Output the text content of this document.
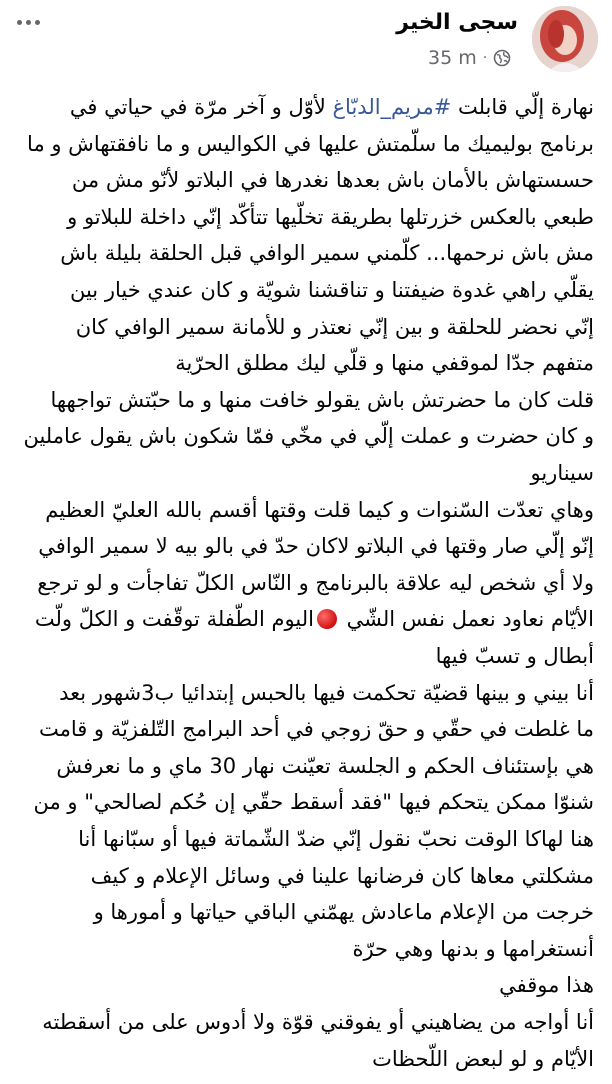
سجى الخير
35 m ·
نهارة إلّي قابلت #مريم_الدبّاغ لأوّل و آخر مرّة في حياتي في
برنامج بوليميك ما سلّمتش عليها في الكواليس و ما نافقتهاش و ما
حسستهاش بالأمان باش بعدها نغدرها في البلاتو لأنّو مش من
طبعي بالعكس خزرتلها بطريقة تخلّيها تتأكّد إنّي داخلة للبلاتو و
مش باش نرحمها... كلّمني سمير الوافي قبل الحلقة بليلة باش
يقلّي راهي غدوة ضيفتنا و تناقشنا شويّة و كان عندي خيار بين
إنّي نحضر للحلقة و بين إنّي نعتذر و للأمانة سمير الوافي كان
متفهم جدّا لموقفي منها و قلّي ليك مطلق الحرّية
قلت كان ما حضرتش باش يقولو خافت منها و ما حبّتش تواجهها
و كان حضرت و عملت إلّي في مخّي فمّا شكون باش يقول عاملين
سيناريو
وهاي تعدّت السّنوات و كيما قلت وقتها أقسم بالله العليّ العظيم
إنّو إلّي صار وقتها في البلاتو لاكان حدّ في بالو بيه لا سمير الوافي
ولا أي شخص ليه علاقة بالبرنامج و النّاس الكلّ تفاجأت و لو ترجع
الأيّام نعاود نعمل نفس الشّي اليوم الطّفلة توقّفت و الكلّ ولّت
أبطال و تسبّ فيها
أنا بيني و بينها قضيّة تحكمت فيها بالحبس إبتدائيا ب3شهور بعد
ما غلطت في حقّي و حقّ زوجي في أحد البرامج التّلفزيّة و قامت
هي بإستئناف الحكم و الجلسة تعيّنت نهار 30 ماي و ما نعرفش
شنوّا ممكن يتحكم فيها "فقد أسقط حقّي إن حُكم لصالحي" و من
هنا لهاكا الوقت نحبّ نقول إنّي ضدّ الشّماتة فيها أو سبّانها أنا
مشكلتي معاها كان فرضانها علينا في وسائل الإعلام و كيف
خرجت من الإعلام ماعادش يهمّني الباقي حياتها و أمورها و
أنستغرامها و بدنها وهي حرّة
هذا موقفي
أنا أواجه من يضاهيني أو يفوقني قوّة ولا أدوس على من أسقطته
الأيّام و لو لبعض اللّحظات
